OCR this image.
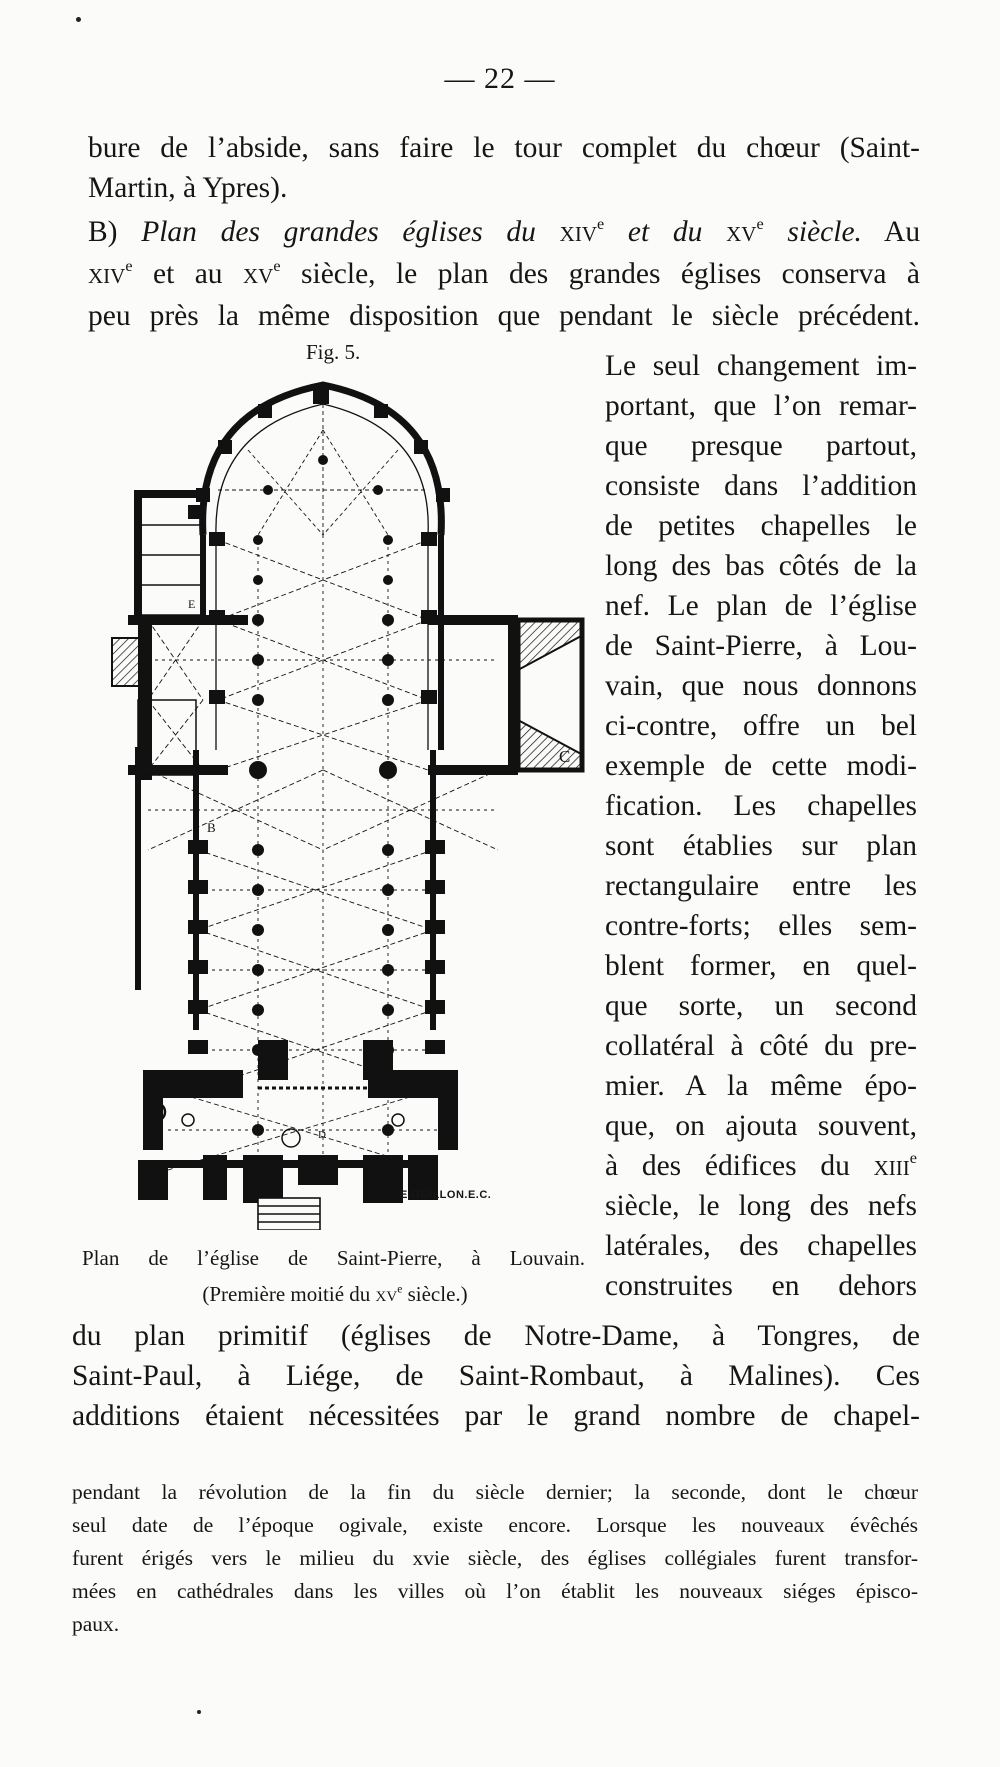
— 22 —
bure de l’abside, sans faire le tour complet du chœur (Saint-
Martin, à Ypres).
B) Plan des grandes églises du xiv$^e$ et du $xv^e$ siècle. Au
xiv$^e$ et au $xv^e$ siècle, le plan des grandes églises conserva à
peu près la même disposition que pendant le siècle précédent.
Fig. 5.
C
B
E
D
E.GUILLON.E.C.
Le seul changement im-
portant, que l’on remar-
que presque partout,
consiste dans l’addition
de petites chapelles le
long des bas côtés de la
nef. Le plan de l’église
de Saint-Pierre, à Lou-
vain, que nous donnons
ci-contre, offre un bel
exemple de cette modi-
fication. Les chapelles
sont établies sur plan
rectangulaire entre les
contre-forts; elles sem-
blent former, en quel-
que sorte, un second
collatéral à côté du pre-
mier. A la même épo-
que, on ajouta souvent,
à des édifices du xiii$^e$
siècle, le long des nefs
latérales, des chapelles
construites en dehors
Plan de l’église de Saint-Pierre, à Louvain.
(Première moitié du $xv^e$ siècle.)
du plan primitif (églises de Notre-Dame, à Tongres, de
Saint-Paul, à Liége, de Saint-Rombaut, à Malines). Ces
additions étaient nécessitées par le grand nombre de chapel-
pendant la révolution de la fin du siècle dernier; la seconde, dont le chœur
seul date de l’époque ogivale, existe encore. Lorsque les nouveaux évêchés
furent érigés vers le milieu du xvie siècle, des églises collégiales furent transfor-
mées en cathédrales dans les villes où l’on établit les nouveaux siéges épisco-
paux.
